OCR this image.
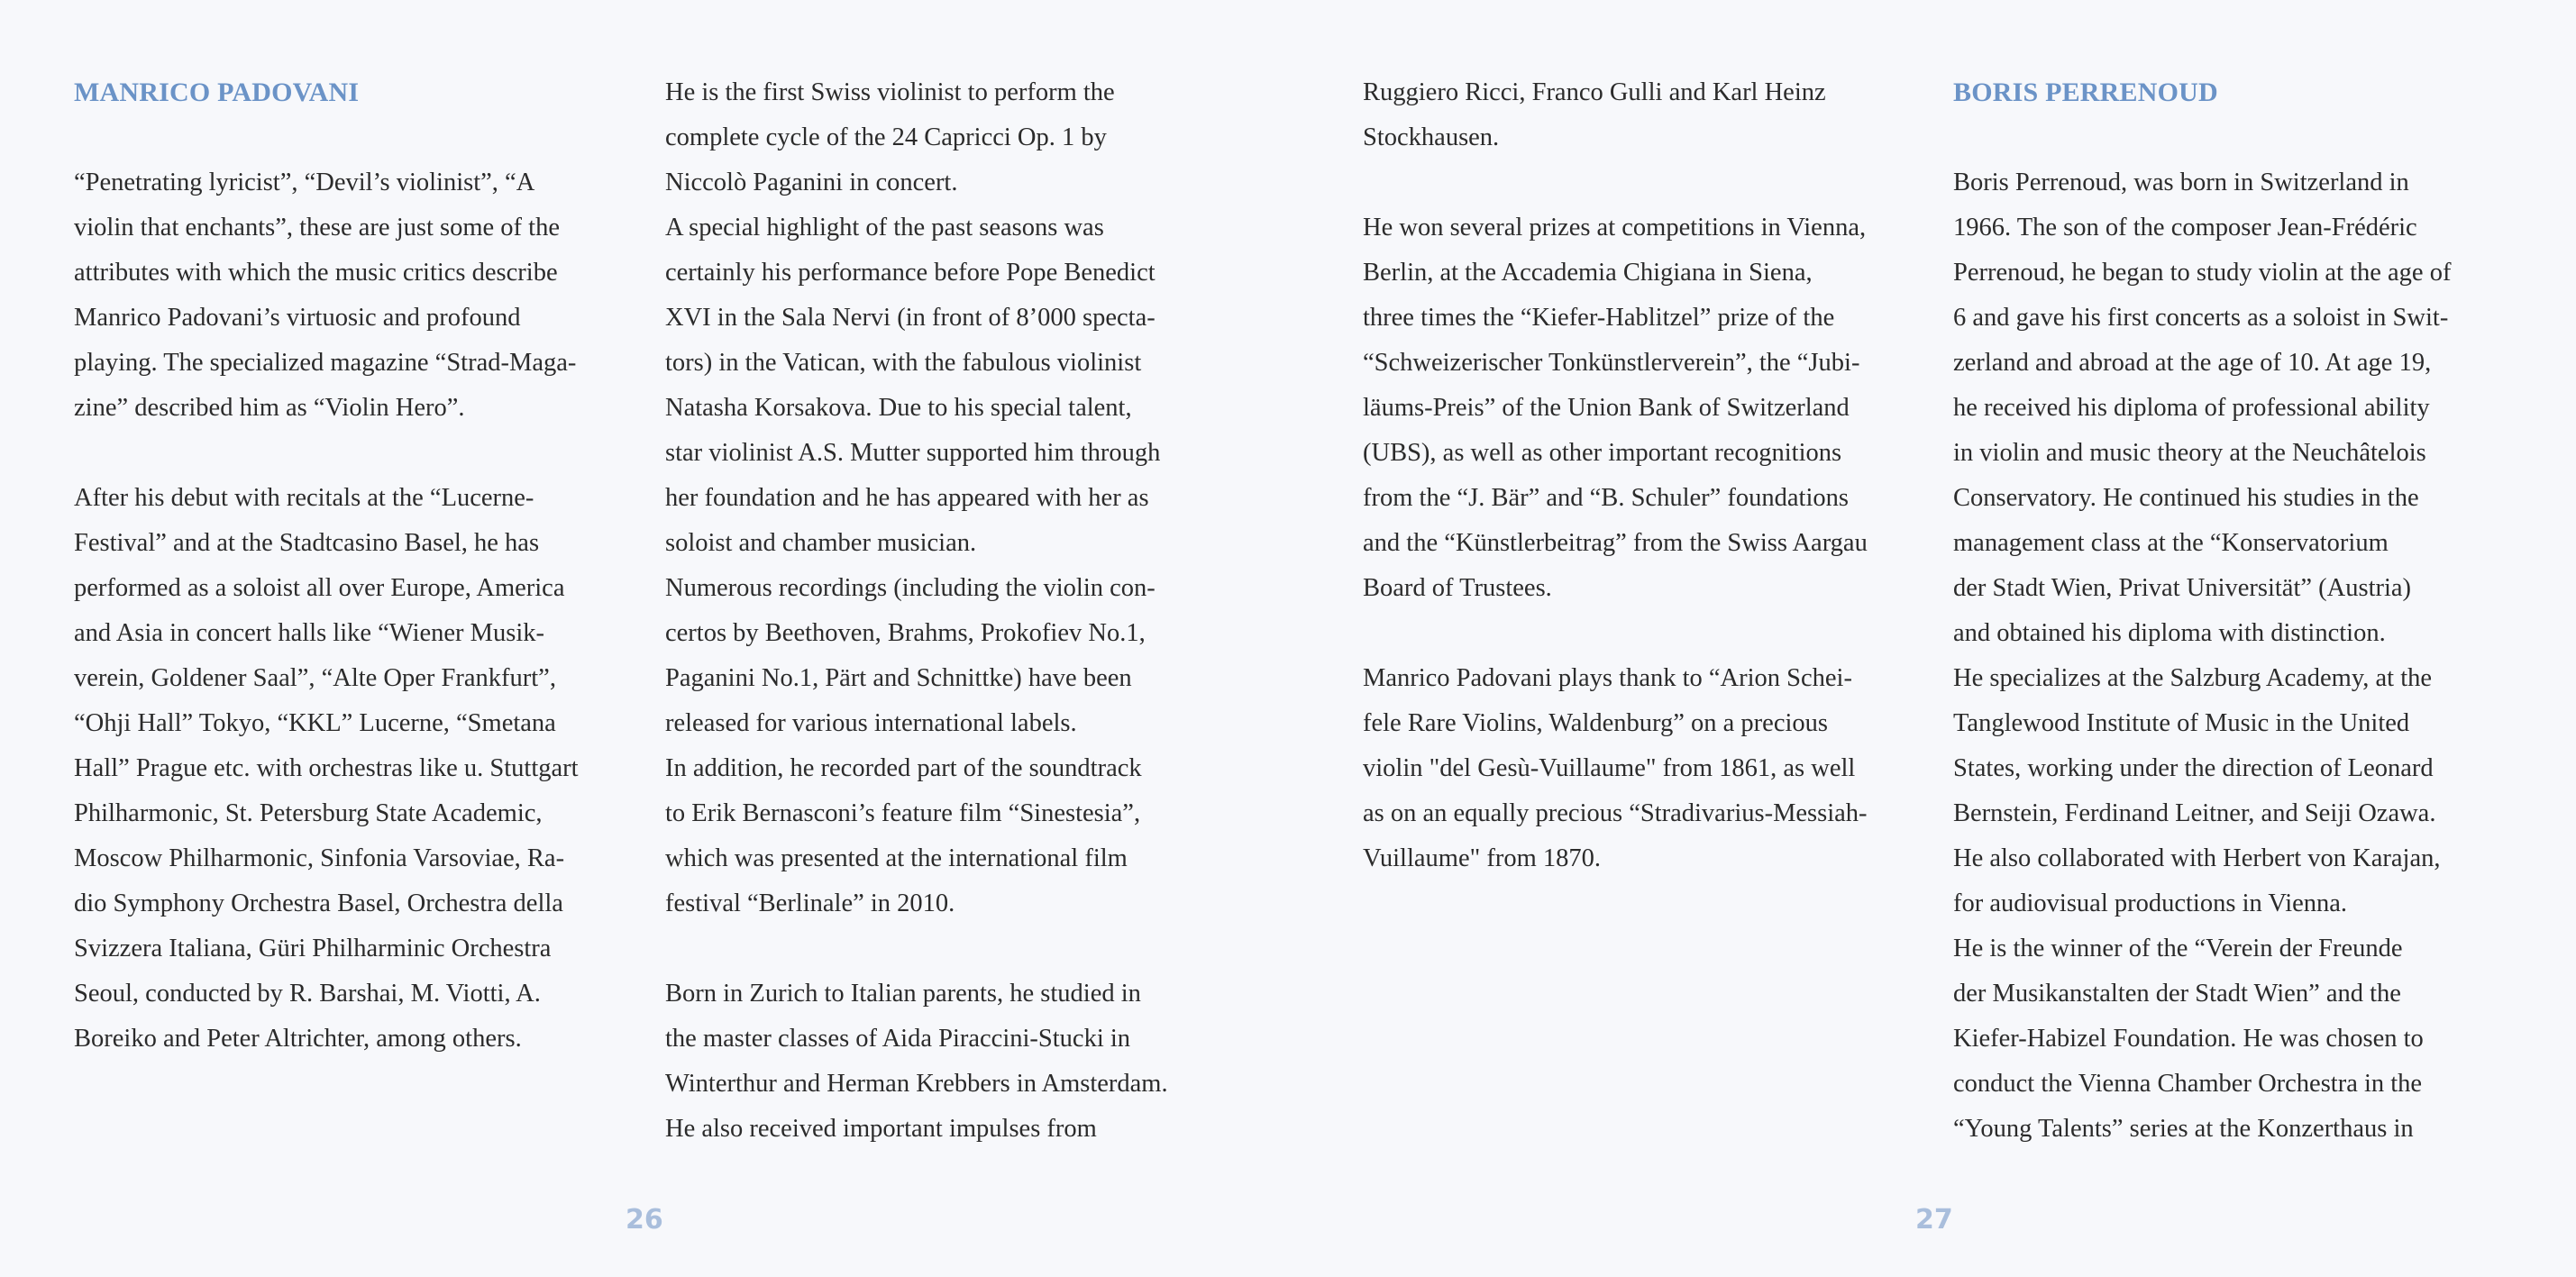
MANRICO PADOVANI

“Penetrating lyricist”, “Devil’s violinist”, “A
violin that enchants”, these are just some of the
attributes with which the music critics describe
Manrico Padovani’s virtuosic and profound
playing. The specialized magazine “Strad-Maga-
zine” described him as “Violin Hero”.

After his debut with recitals at the “Lucerne-
Festival” and at the Stadtcasino Basel, he has
performed as a soloist all over Europe, America
and Asia in concert halls like “Wiener Musik-
verein, Goldener Saal”, “Alte Oper Frankfurt”,
“Ohji Hall” Tokyo, “KKL” Lucerne, “Smetana
Hall” Prague etc. with orchestras like u. Stuttgart
Philharmonic, St. Petersburg State Academic,
Moscow Philharmonic, Sinfonia Varsoviae, Ra-
dio Symphony Orchestra Basel, Orchestra della
Svizzera Italiana, Güri Philharminic Orchestra
Seoul, conducted by R. Barshai, M. Viotti, A.
Boreiko and Peter Altrichter, among others.

He is the first Swiss violinist to perform the
complete cycle of the 24 Capricci Op. 1 by
Niccolò Paganini in concert.

A special highlight of the past seasons was
certainly his performance before Pope Benedict
XVI in the Sala Nervi (in front of 8’000 specta-
tors) in the Vatican, with the fabulous violinist
Natasha Korsakova. Due to his special talent,
star violinist A.S. Mutter supported him through
her foundation and he has appeared with her as
soloist and chamber musician.

Numerous recordings (including the violin con-
certos by Beethoven, Brahms, Prokofiev No.1,
Paganini No.1, Pärt and Schnittke) have been
released for various international labels.

In addition, he recorded part of the soundtrack
to Erik Bernasconi’s feature film “Sinestesia”,
which was presented at the international film
festival “Berlinale” in 2010.

Born in Zurich to Italian parents, he studied in
the master classes of Aida Piraccini-Stucki in
Winterthur and Herman Krebbers in Amsterdam.
He also received important impulses from

26

Ruggiero Ricci, Franco Gulli and Karl Heinz
Stockhausen.

He won several prizes at competitions in Vienna,
Berlin, at the Accademia Chigiana in Siena,
three times the “Kiefer-Hablitzel” prize of the
“Schweizerischer Tonkünstlerverein”, the “Jubi-
läums-Preis” of the Union Bank of Switzerland
(UBS), as well as other important recognitions
from the “J. Bär” and “B. Schuler” foundations
and the “Künstlerbeitrag” from the Swiss Aargau
Board of Trustees.

Manrico Padovani plays thank to “Arion Schei-
fele Rare Violins, Waldenburg” on a precious
violin "del Gesù-Vuillaume" from 1861, as well
as on an equally precious “Stradivarius-Messiah-
Vuillaume" from 1870.

BORIS PERRENOUD

Boris Perrenoud, was born in Switzerland in
1966. The son of the composer Jean-Frédéric
Perrenoud, he began to study violin at the age of
6 and gave his first concerts as a soloist in Swit-
zerland and abroad at the age of 10. At age 19,
he received his diploma of professional ability
in violin and music theory at the Neuchâtelois
Conservatory. He continued his studies in the
management class at the “Konservatorium
der Stadt Wien, Privat Universität” (Austria)
and obtained his diploma with distinction.

He specializes at the Salzburg Academy, at the
Tanglewood Institute of Music in the United
States, working under the direction of Leonard
Bernstein, Ferdinand Leitner, and Seiji Ozawa.
He also collaborated with Herbert von Karajan,
for audiovisual productions in Vienna.

He is the winner of the “Verein der Freunde
der Musikanstalten der Stadt Wien” and the
Kiefer-Habizel Foundation. He was chosen to
conduct the Vienna Chamber Orchestra in the
“Young Talents” series at the Konzerthaus in

27
